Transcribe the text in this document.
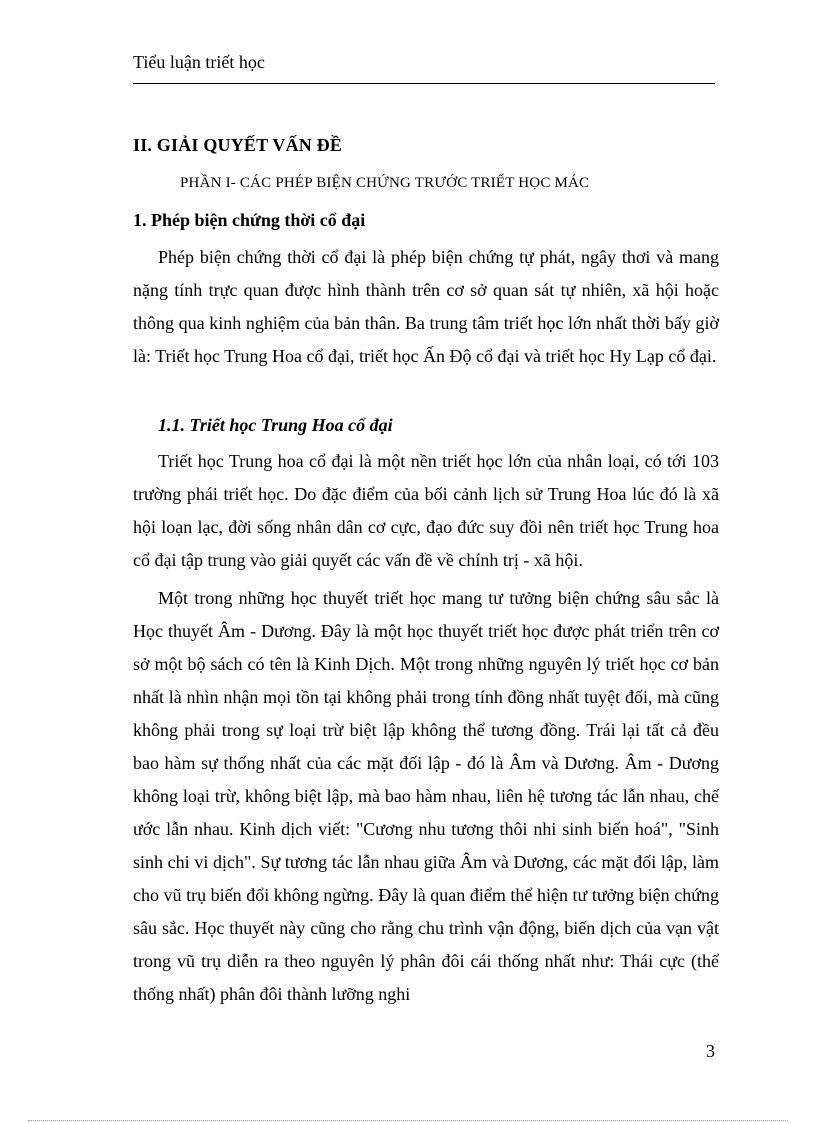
Tiểu luận triết học
II. GIẢI QUYẾT VẤN ĐỀ
PHẦN I- CÁC PHÉP BIỆN CHỨNG TRƯỚC TRIẾT HỌC MÁC
1. Phép biện chứng thời cổ đại

Phép biện chứng thời cổ đại là phép biện chứng tự phát, ngây thơi và mang nặng tính trực quan được hình thành trên cơ sở quan sát tự nhiên, xã hội hoặc thông qua kinh nghiệm của bản thân. Ba trung tâm triết học lớn nhất thời bấy giờ là: Triết học Trung Hoa cổ đại, triết học Ấn Độ cổ đại và triết học Hy Lạp cổ đại.

1.1. Triết học Trung Hoa cổ đại

Triết học Trung hoa cổ đại là một nền triết học lớn của nhân loại, có tới 103 trường phái triết học. Do đặc điểm của bối cảnh lịch sử Trung Hoa lúc đó là xã hội loạn lạc, đời sống nhân dân cơ cực, đạo đức suy đồi nên triết học Trung hoa cổ đại tập trung vào giải quyết các vấn đề về chính trị - xã hội.

Một trong những học thuyết triết học mang tư tưởng biện chứng sâu sắc là Học thuyết Âm - Dương. Đây là một học thuyết triết học được phát triển trên cơ sở một bộ sách có tên là Kinh Dịch. Một trong những nguyên lý triết học cơ bản nhất là nhìn nhận mọi tồn tại không phải trong tính đồng nhất tuyệt đối, mà cũng không phải trong sự loại trừ biệt lập không thể tương đồng. Trái lại tất cả đều bao hàm sự thống nhất của các mặt đối lập - đó là Âm và Dương. Âm - Dương không loại trừ, không biệt lập, mà bao hàm nhau, liên hệ tương tác lẫn nhau, chế ước lẫn nhau. Kinh dịch viết: "Cương nhu tương thôi nhi sinh biến hoá", "Sinh sinh chi vi dịch". Sự tương tác lẫn nhau giữa Âm và Dương, các mặt đối lập, làm cho vũ trụ biến đổi không ngừng. Đây là quan điểm thể hiện tư tưởng biện chứng sâu sắc. Học thuyết này cũng cho rằng chu trình vận động, biến dịch của vạn vật trong vũ trụ diễn ra theo nguyên lý phân đôi cái thống nhất như: Thái cực (thể thống nhất) phân đôi thành lưỡng nghi

3
